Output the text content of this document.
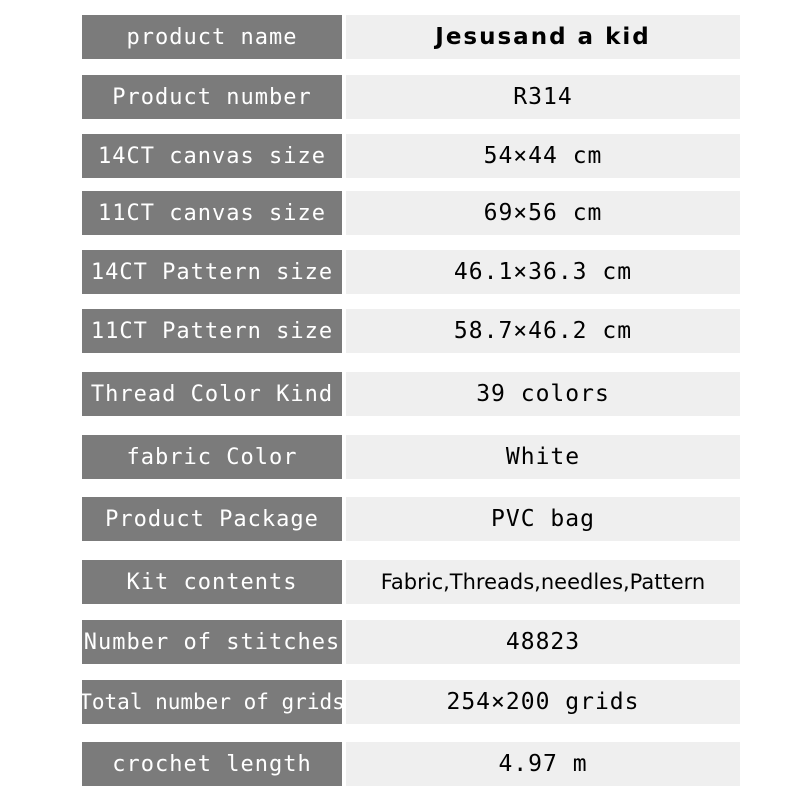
product name	Jesusand a kid
Product number	R314
14CT canvas size	54×44 cm
11CT canvas size	69×56 cm
14CT Pattern size	46.1×36.3 cm
11CT Pattern size	58.7×46.2 cm
Thread Color Kind	39 colors
fabric Color	White
Product Package	PVC bag
Kit contents	Fabric,Threads,needles,Pattern
Number of stitches	48823
Total number of grids	254×200 grids
crochet length	4.97 m
